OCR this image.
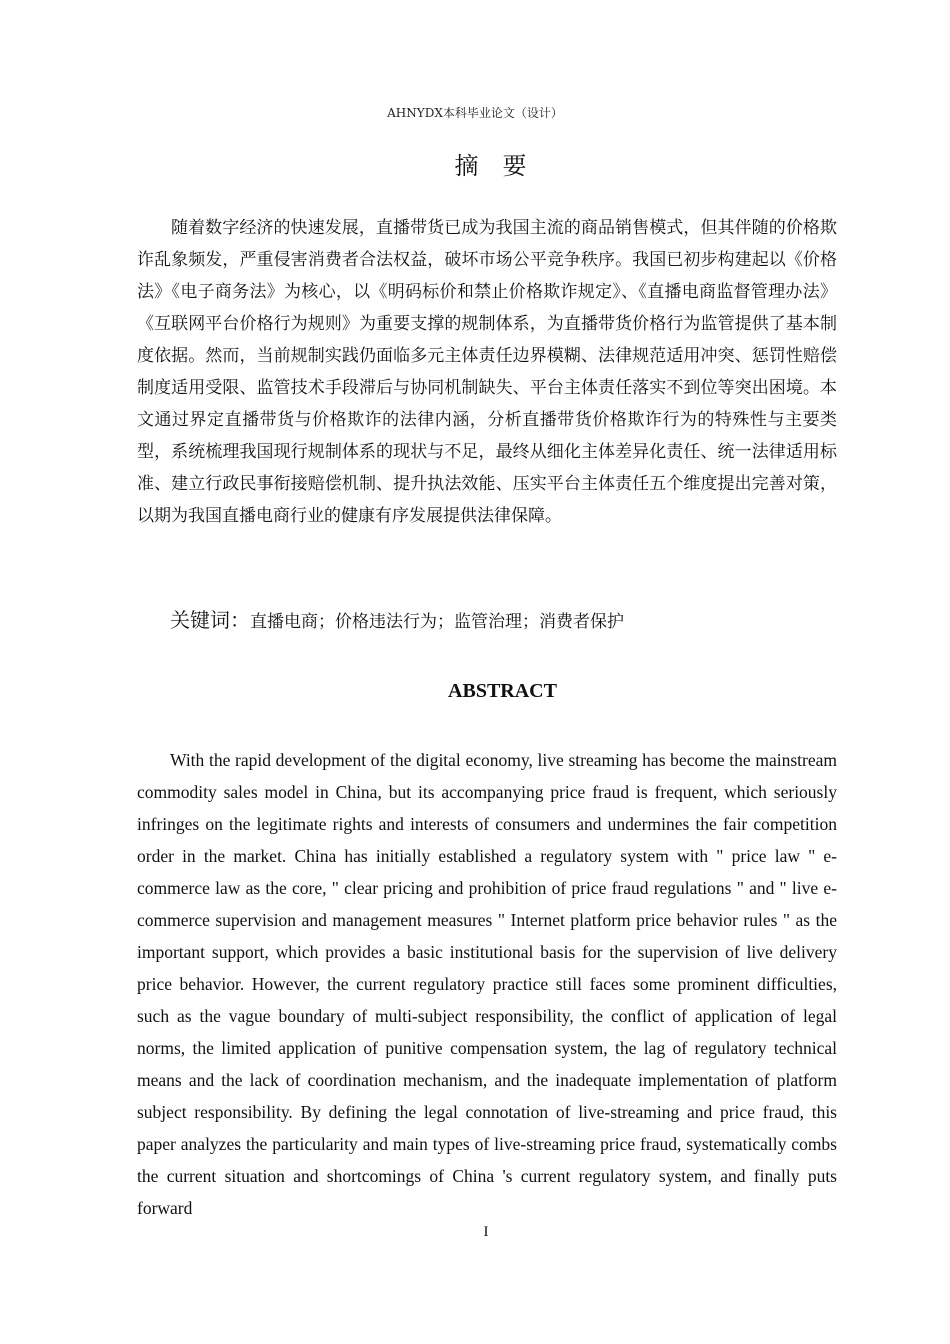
AHNYDX本科毕业论文（设计）
摘要

随着数字经济的快速发展，直播带货已成为我国主流的商品销售模式，但其伴随的价格欺诈乱象频发，严重侵害消费者合法权益，破坏市场公平竞争秩序。我国已初步构建起以《价格法》《电子商务法》为核心，以《明码标价和禁止价格欺诈规定》、《直播电商监督管理办法》《互联网平台价格行为规则》为重要支撑的规制体系，为直播带货价格行为监管提供了基本制度依据。然而，当前规制实践仍面临多元主体责任边界模糊、法律规范适用冲突、惩罚性赔偿制度适用受限、监管技术手段滞后与协同机制缺失、平台主体责任落实不到位等突出困境。本文通过界定直播带货与价格欺诈的法律内涵，分析直播带货价格欺诈行为的特殊性与主要类型，系统梳理我国现行规制体系的现状与不足，最终从细化主体差异化责任、统一法律适用标准、建立行政民事衔接赔偿机制、提升执法效能、压实平台主体责任五个维度提出完善对策，以期为我国直播电商行业的健康有序发展提供法律保障。

关键词：直播电商；价格违法行为；监管治理；消费者保护
ABSTRACT

With the rapid development of the digital economy, live streaming has become the mainstream commodity sales model in China, but its accompanying price fraud is frequent, which seriously infringes on the legitimate rights and interests of consumers and undermines the fair competition order in the market. China has initially established a regulatory system with " price law " e-commerce law as the core, " clear pricing and prohibition of price fraud regulations " and " live e-commerce supervision and management measures " Internet platform price behavior rules " as the important support, which provides a basic institutional basis for the supervision of live delivery price behavior. However, the current regulatory practice still faces some prominent difficulties, such as the vague boundary of multi-subject responsibility, the conflict of application of legal norms, the limited application of punitive compensation system, the lag of regulatory technical means and the lack of coordination mechanism, and the inadequate implementation of platform subject responsibility. By defining the legal connotation of live-streaming and price fraud, this paper analyzes the particularity and main types of live-streaming price fraud, systematically combs the current situation and shortcomings of China 's current regulatory system, and finally puts forward

I
